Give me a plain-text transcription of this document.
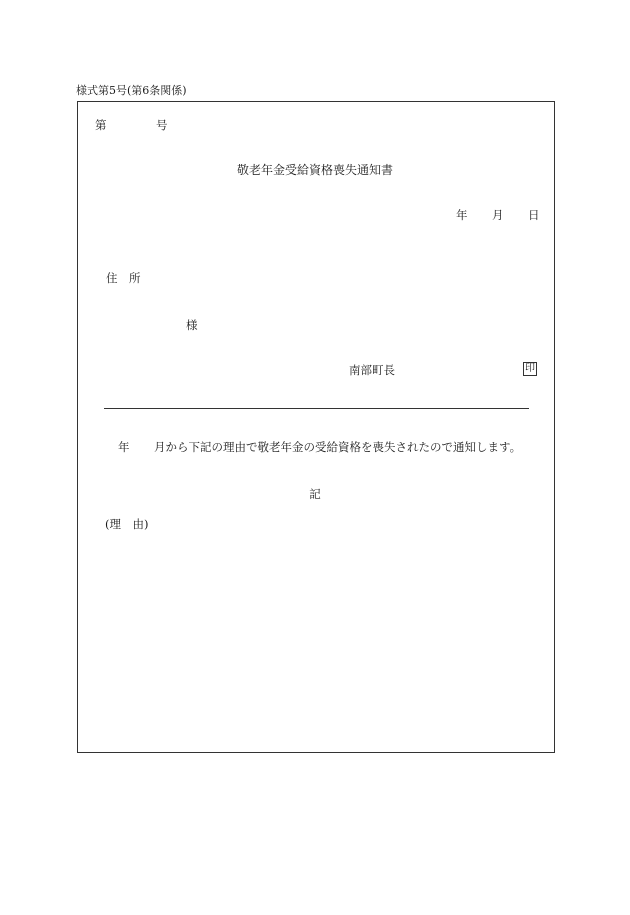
様式第5号(第6条関係)
第	号
敬老年金受給資格喪失通知書
年 月 日
住　所
様
南部町長	印
年 月から下記の理由で敬老年金の受給資格を喪失されたので通知します。
記
(理　由)
